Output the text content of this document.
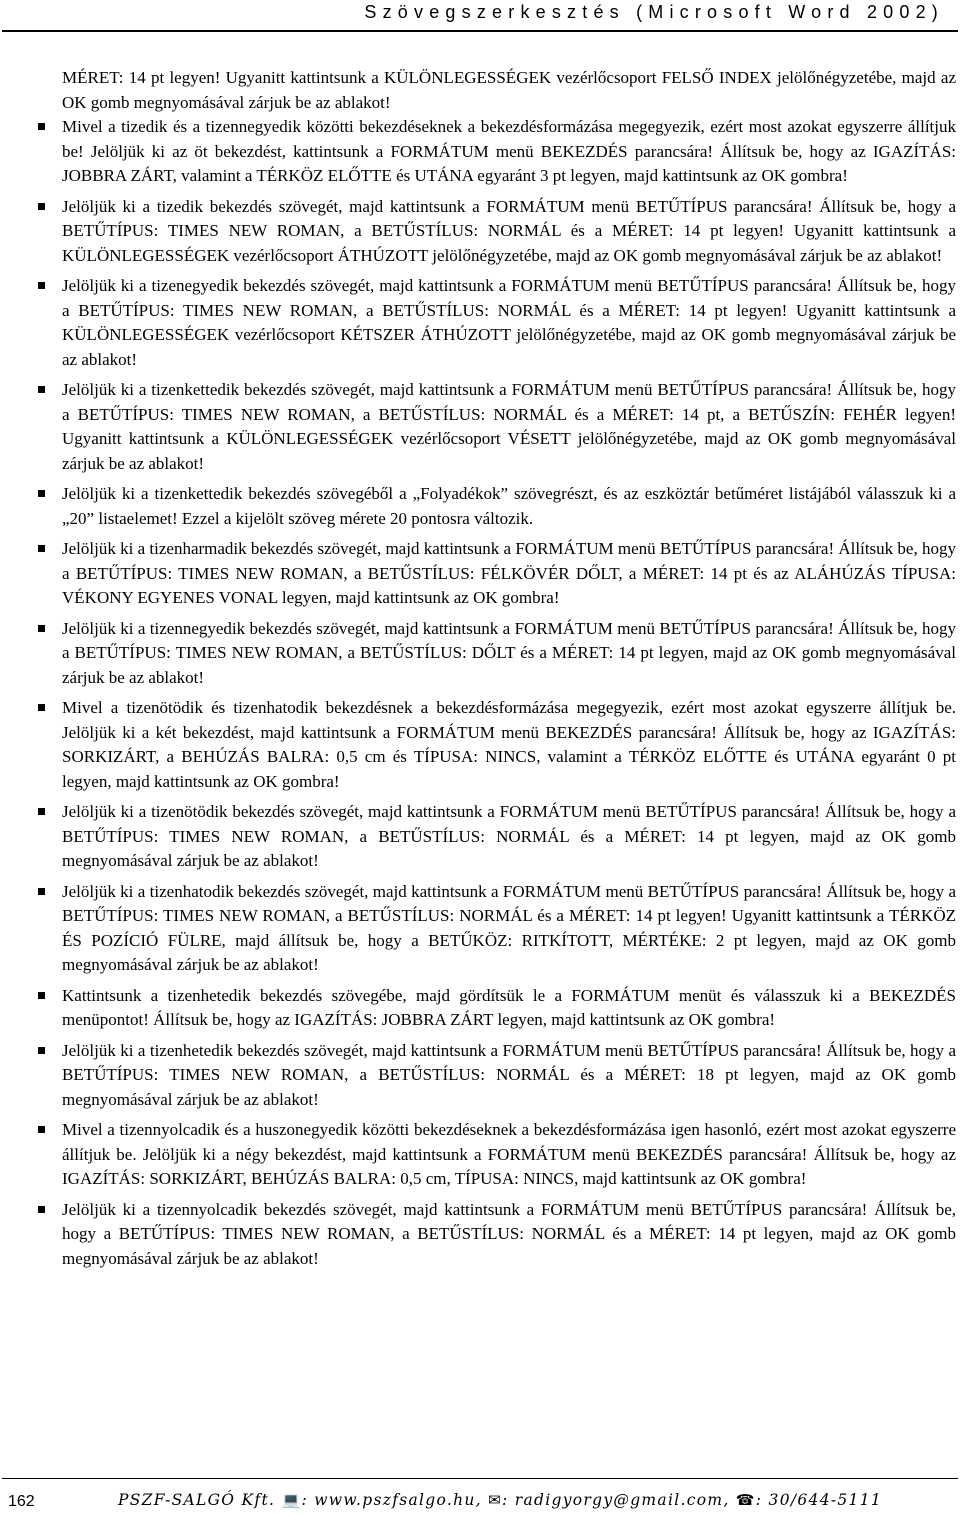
Szövegszerkesztés (Microsoft Word 2002)

MÉRET: 14 pt legyen! Ugyanitt kattintsunk a KÜLÖNLEGESSÉGEK vezérlőcsoport FELSŐ INDEX jelölőnégyzetébe, majd az OK gomb megnyomásával zárjuk be az ablakot!

Mivel a tizedik és a tizennegyedik közötti bekezdéseknek a bekezdésformázása megegyezik, ezért most azokat egyszerre állítjuk be! Jelöljük ki az öt bekezdést, kattintsunk a FORMÁTUM menü BEKEZDÉS parancsára! Állítsuk be, hogy az IGAZÍTÁS: JOBBRA ZÁRT, valamint a TÉRKÖZ ELŐTTE és UTÁNA egyaránt 3 pt legyen, majd kattintsunk az OK gombra!

Jelöljük ki a tizedik bekezdés szövegét, majd kattintsunk a FORMÁTUM menü BETŰTÍPUS parancsára! Állítsuk be, hogy a BETŰTÍPUS: TIMES NEW ROMAN, a BETŰSTÍLUS: NORMÁL és a MÉRET: 14 pt legyen! Ugyanitt kattintsunk a KÜLÖNLEGESSÉGEK vezérlőcsoport ÁTHÚZOTT jelölőnégyzetébe, majd az OK gomb megnyomásával zárjuk be az ablakot!

Jelöljük ki a tizenegyedik bekezdés szövegét, majd kattintsunk a FORMÁTUM menü BETŰTÍPUS parancsára! Állítsuk be, hogy a BETŰTÍPUS: TIMES NEW ROMAN, a BETŰSTÍLUS: NORMÁL és a MÉRET: 14 pt legyen! Ugyanitt kattintsunk a KÜLÖNLEGESSÉGEK vezérlőcsoport KÉTSZER ÁTHÚZOTT jelölőnégyzetébe, majd az OK gomb megnyomásával zárjuk be az ablakot!

Jelöljük ki a tizenkettedik bekezdés szövegét, majd kattintsunk a FORMÁTUM menü BETŰTÍPUS parancsára! Állítsuk be, hogy a BETŰTÍPUS: TIMES NEW ROMAN, a BETŰSTÍLUS: NORMÁL és a MÉRET: 14 pt, a BETŰSZÍN: FEHÉR legyen! Ugyanitt kattintsunk a KÜLÖNLEGESSÉGEK vezérlőcsoport VÉSETT jelölőnégyzetébe, majd az OK gomb megnyomásával zárjuk be az ablakot!

Jelöljük ki a tizenkettedik bekezdés szövegéből a „Folyadékok” szövegrészt, és az eszköztár betűméret listájából válasszuk ki a „20” listaelemet! Ezzel a kijelölt szöveg mérete 20 pontosra változik.

Jelöljük ki a tizenharmadik bekezdés szövegét, majd kattintsunk a FORMÁTUM menü BETŰTÍPUS parancsára! Állítsuk be, hogy a BETŰTÍPUS: TIMES NEW ROMAN, a BETŰSTÍLUS: FÉLKÖVÉR DŐLT, a MÉRET: 14 pt és az ALÁHÚZÁS TÍPUSA: VÉKONY EGYENES VONAL legyen, majd kattintsunk az OK gombra!

Jelöljük ki a tizennegyedik bekezdés szövegét, majd kattintsunk a FORMÁTUM menü BETŰTÍPUS parancsára! Állítsuk be, hogy a BETŰTÍPUS: TIMES NEW ROMAN, a BETŰSTÍLUS: DŐLT és a MÉRET: 14 pt legyen, majd az OK gomb megnyomásával zárjuk be az ablakot!

Mivel a tizenötödik és tizenhatodik bekezdésnek a bekezdésformázása megegyezik, ezért most azokat egyszerre állítjuk be. Jelöljük ki a két bekezdést, majd kattintsunk a FORMÁTUM menü BEKEZDÉS parancsára! Állítsuk be, hogy az IGAZÍTÁS: SORKIZÁRT, a BEHÚZÁS BALRA: 0,5 cm és TÍPUSA: NINCS, valamint a TÉRKÖZ ELŐTTE és UTÁNA egyaránt 0 pt legyen, majd kattintsunk az OK gombra!

Jelöljük ki a tizenötödik bekezdés szövegét, majd kattintsunk a FORMÁTUM menü BETŰTÍPUS parancsára! Állítsuk be, hogy a BETŰTÍPUS: TIMES NEW ROMAN, a BETŰSTÍLUS: NORMÁL és a MÉRET: 14 pt legyen, majd az OK gomb megnyomásával zárjuk be az ablakot!

Jelöljük ki a tizenhatodik bekezdés szövegét, majd kattintsunk a FORMÁTUM menü BETŰTÍPUS parancsára! Állítsuk be, hogy a BETŰTÍPUS: TIMES NEW ROMAN, a BETŰSTÍLUS: NORMÁL és a MÉRET: 14 pt legyen! Ugyanitt kattintsunk a TÉRKÖZ ÉS POZÍCIÓ FÜLRE, majd állítsuk be, hogy a BETŰKÖZ: RITKÍTOTT, MÉRTÉKE: 2 pt legyen, majd az OK gomb megnyomásával zárjuk be az ablakot!

Kattintsunk a tizenhetedik bekezdés szövegébe, majd gördítsük le a FORMÁTUM menüt és válasszuk ki a BEKEZDÉS menüpontot! Állítsuk be, hogy az IGAZÍTÁS: JOBBRA ZÁRT legyen, majd kattintsunk az OK gombra!

Jelöljük ki a tizenhetedik bekezdés szövegét, majd kattintsunk a FORMÁTUM menü BETŰTÍPUS parancsára! Állítsuk be, hogy a BETŰTÍPUS: TIMES NEW ROMAN, a BETŰSTÍLUS: NORMÁL és a MÉRET: 18 pt legyen, majd az OK gomb megnyomásával zárjuk be az ablakot!

Mivel a tizennyolcadik és a huszonegyedik közötti bekezdéseknek a bekezdésformázása igen hasonló, ezért most azokat egyszerre állítjuk be. Jelöljük ki a négy bekezdést, majd kattintsunk a FORMÁTUM menü BEKEZDÉS parancsára! Állítsuk be, hogy az IGAZÍTÁS: SORKIZÁRT, BEHÚZÁS BALRA: 0,5 cm, TÍPUSA: NINCS, majd kattintsunk az OK gombra!

Jelöljük ki a tizennyolcadik bekezdés szövegét, majd kattintsunk a FORMÁTUM menü BETŰTÍPUS parancsára! Állítsuk be, hogy a BETŰTÍPUS: TIMES NEW ROMAN, a BETŰSTÍLUS: NORMÁL és a MÉRET: 14 pt legyen, majd az OK gomb megnyomásával zárjuk be az ablakot!

162	PSZF-SALGÓ Kft. 💻: www.pszfsalgo.hu, ✉: radigyorgy@gmail.com, ☎: 30/644-5111
